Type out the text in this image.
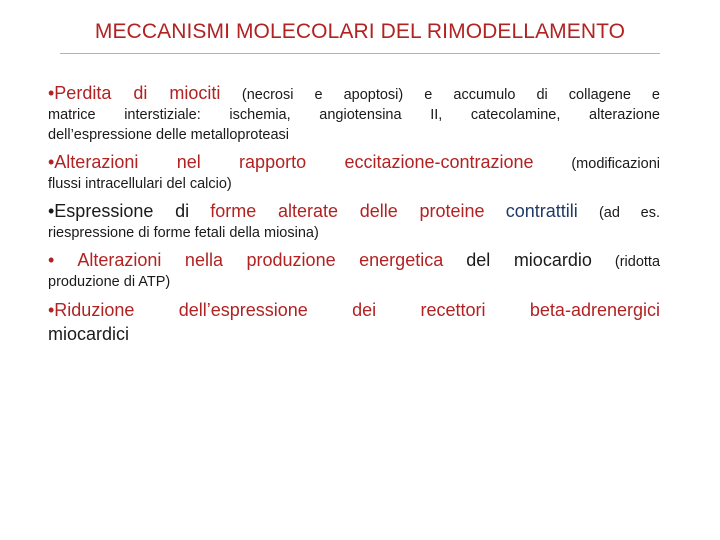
MECCANISMI MOLECOLARI DEL RIMODELLAMENTO
•Perdita di miociti (necrosi e apoptosi) e accumulo di collagene e
matrice interstiziale: ischemia, angiotensina II, catecolamine, alterazione
dell’espressione delle metalloproteasi
•Alterazioni nel rapporto eccitazione-contrazione	(modificazioni
flussi intracellulari del calcio)
•Espressione di forme alterate delle proteine contrattili (ad es.
riespressione di forme fetali della miosina)
• Alterazioni nella produzione energetica del miocardio (ridotta
produzione di ATP)
•Riduzione dell’espressione dei recettori beta-adrenergici
miocardici
